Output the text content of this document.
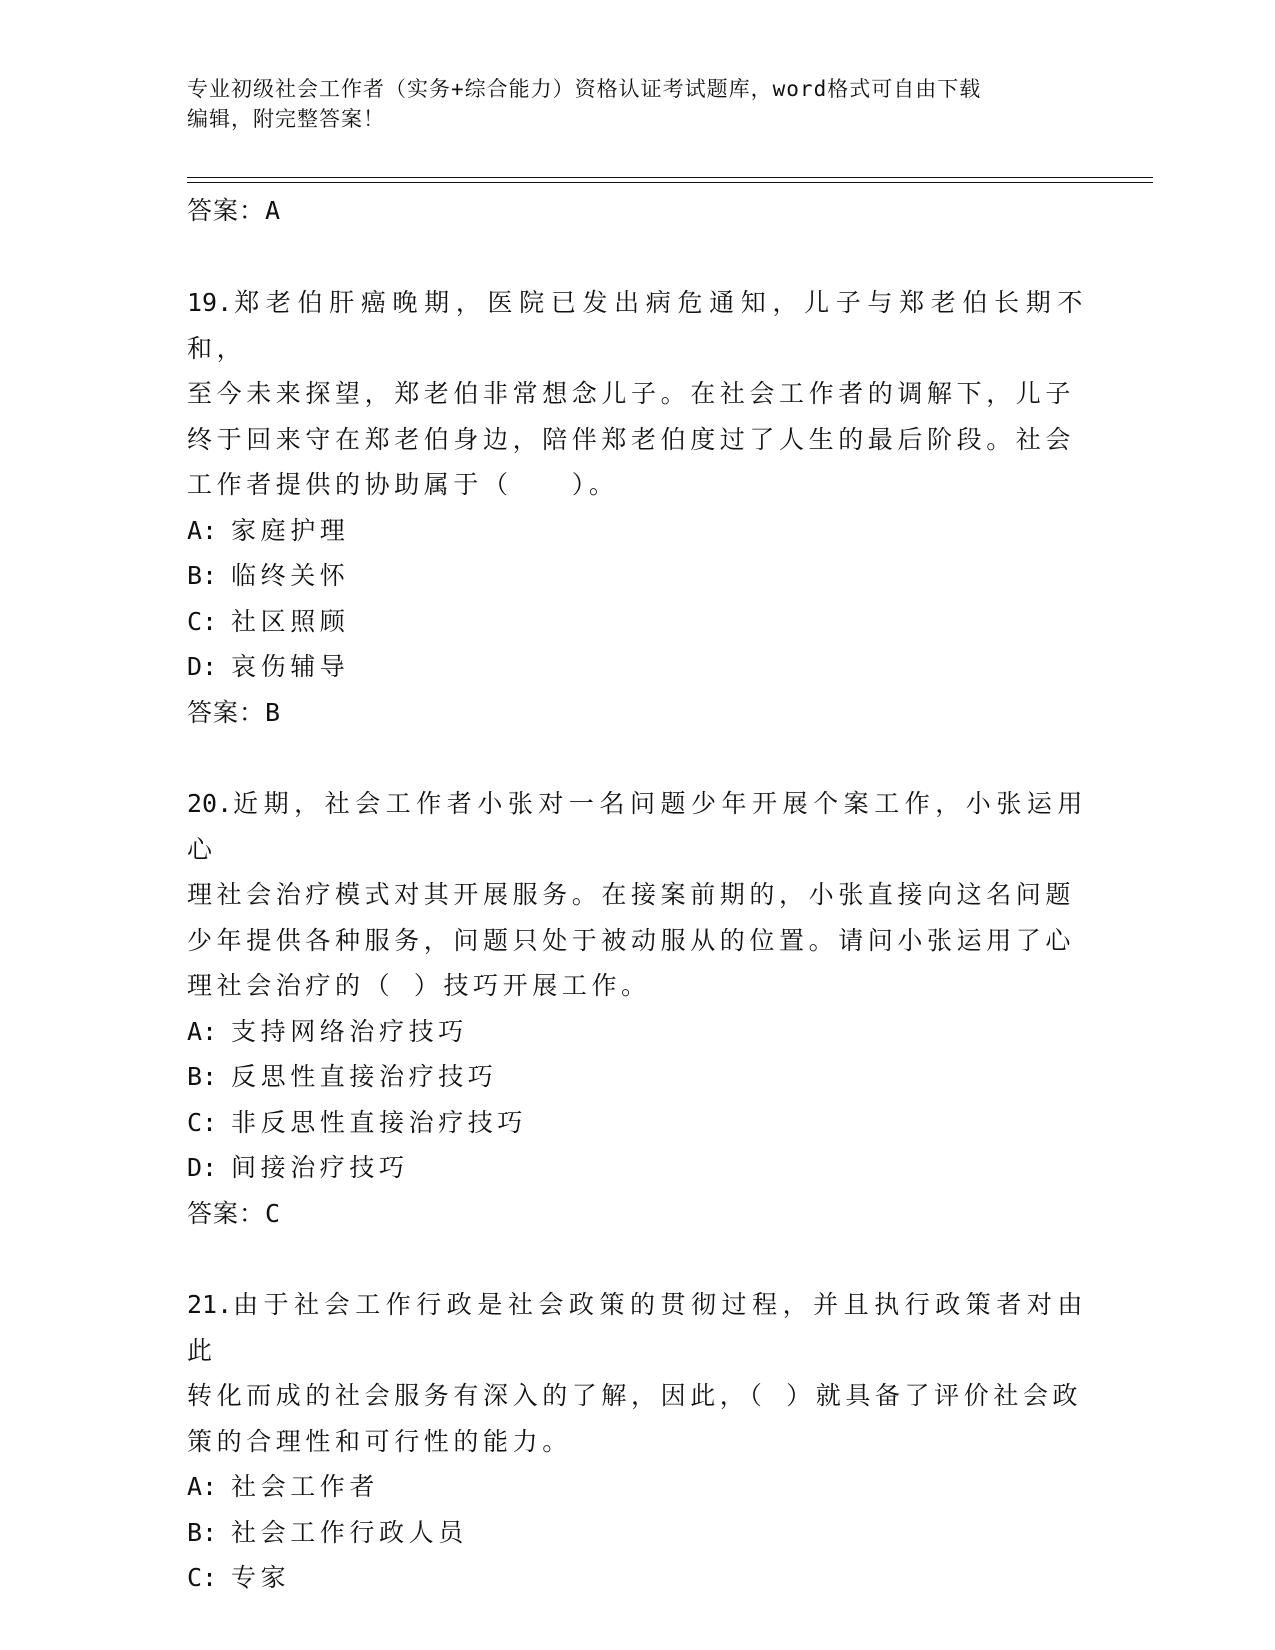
专业初级社会工作者（实务+综合能力）资格认证考试题库，word格式可自由下载
编辑，附完整答案！
答案：A
19.郑老伯肝癌晚期，医院已发出病危通知，儿子与郑老伯长期不和，
至今未来探望，郑老伯非常想念儿子。在社会工作者的调解下，儿子
终于回来守在郑老伯身边，陪伴郑老伯度过了人生的最后阶段。社会
工作者提供的协助属于（　　）。
A: 家庭护理
B: 临终关怀
C: 社区照顾
D: 哀伤辅导
答案：B
20.近期，社会工作者小张对一名问题少年开展个案工作，小张运用心
理社会治疗模式对其开展服务。在接案前期的，小张直接向这名问题
少年提供各种服务，问题只处于被动服从的位置。请问小张运用了心
理社会治疗的（ ）技巧开展工作。
A: 支持网络治疗技巧
B: 反思性直接治疗技巧
C: 非反思性直接治疗技巧
D: 间接治疗技巧
答案：C
21.由于社会工作行政是社会政策的贯彻过程，并且执行政策者对由此
转化而成的社会服务有深入的了解，因此，（ ）就具备了评价社会政
策的合理性和可行性的能力。
A: 社会工作者
B: 社会工作行政人员
C: 专家
